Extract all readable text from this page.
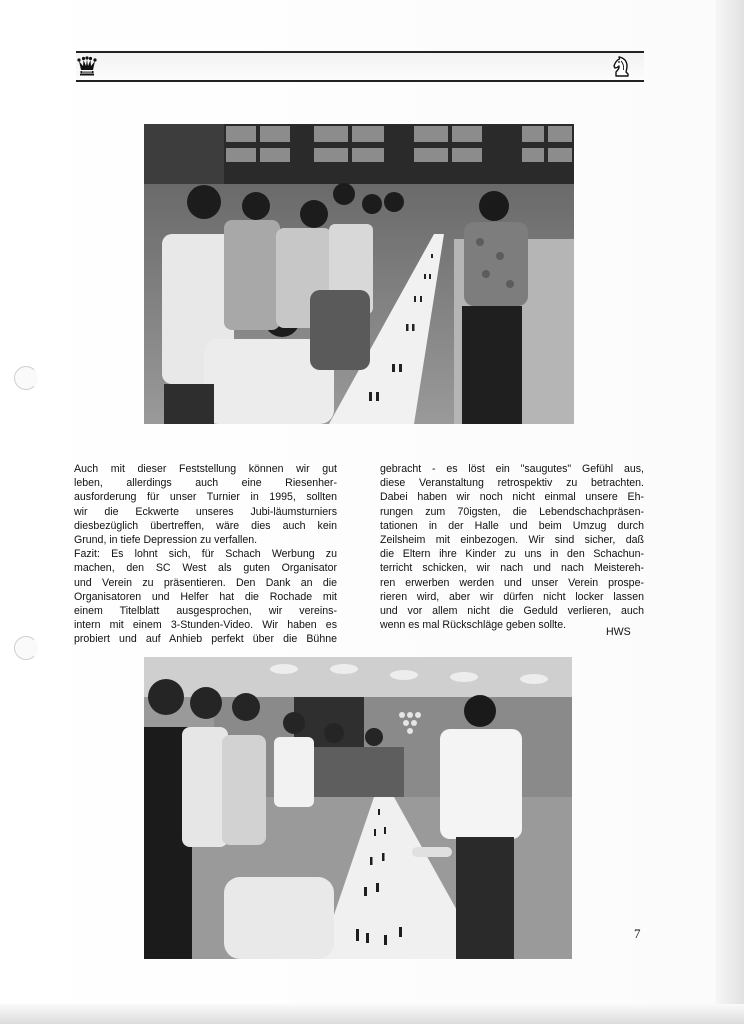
Auch mit dieser Feststellung können wir gut
leben, allerdings auch eine Riesenher-
ausforderung für unser Turnier in 1995, sollten
wir die Eckwerte unseres Jubi-läumsturniers
diesbezüglich übertreffen, wäre dies auch kein
Grund, in tiefe Depression zu verfallen.
Fazit: Es lohnt sich, für Schach Werbung zu
machen, den SC West als guten Organisator
und Verein zu präsentieren. Den Dank an die
Organisatoren und Helfer hat die Rochade mit
einem Titelblatt ausgesprochen, wir vereins-
intern mit einem 3-Stunden-Video. Wir haben es
probiert und auf Anhieb perfekt über die Bühne
gebracht - es löst ein "saugutes" Gefühl aus,
diese Veranstaltung retrospektiv zu betrachten.
Dabei haben wir noch nicht einmal unsere Eh-
rungen zum 70igsten, die Lebendschachpräsen-
tationen in der Halle und beim Umzug durch
Zeilsheim mit einbezogen. Wir sind sicher, daß
die Eltern ihre Kinder zu uns in den Schachun-
terricht schicken, wir nach und nach Meistereh-
ren erwerben werden und unser Verein prospe-
rieren wird, aber wir dürfen nicht locker lassen
und vor allem nicht die Geduld verlieren, auch
wenn es mal Rückschläge geben sollte.
HWS
7
